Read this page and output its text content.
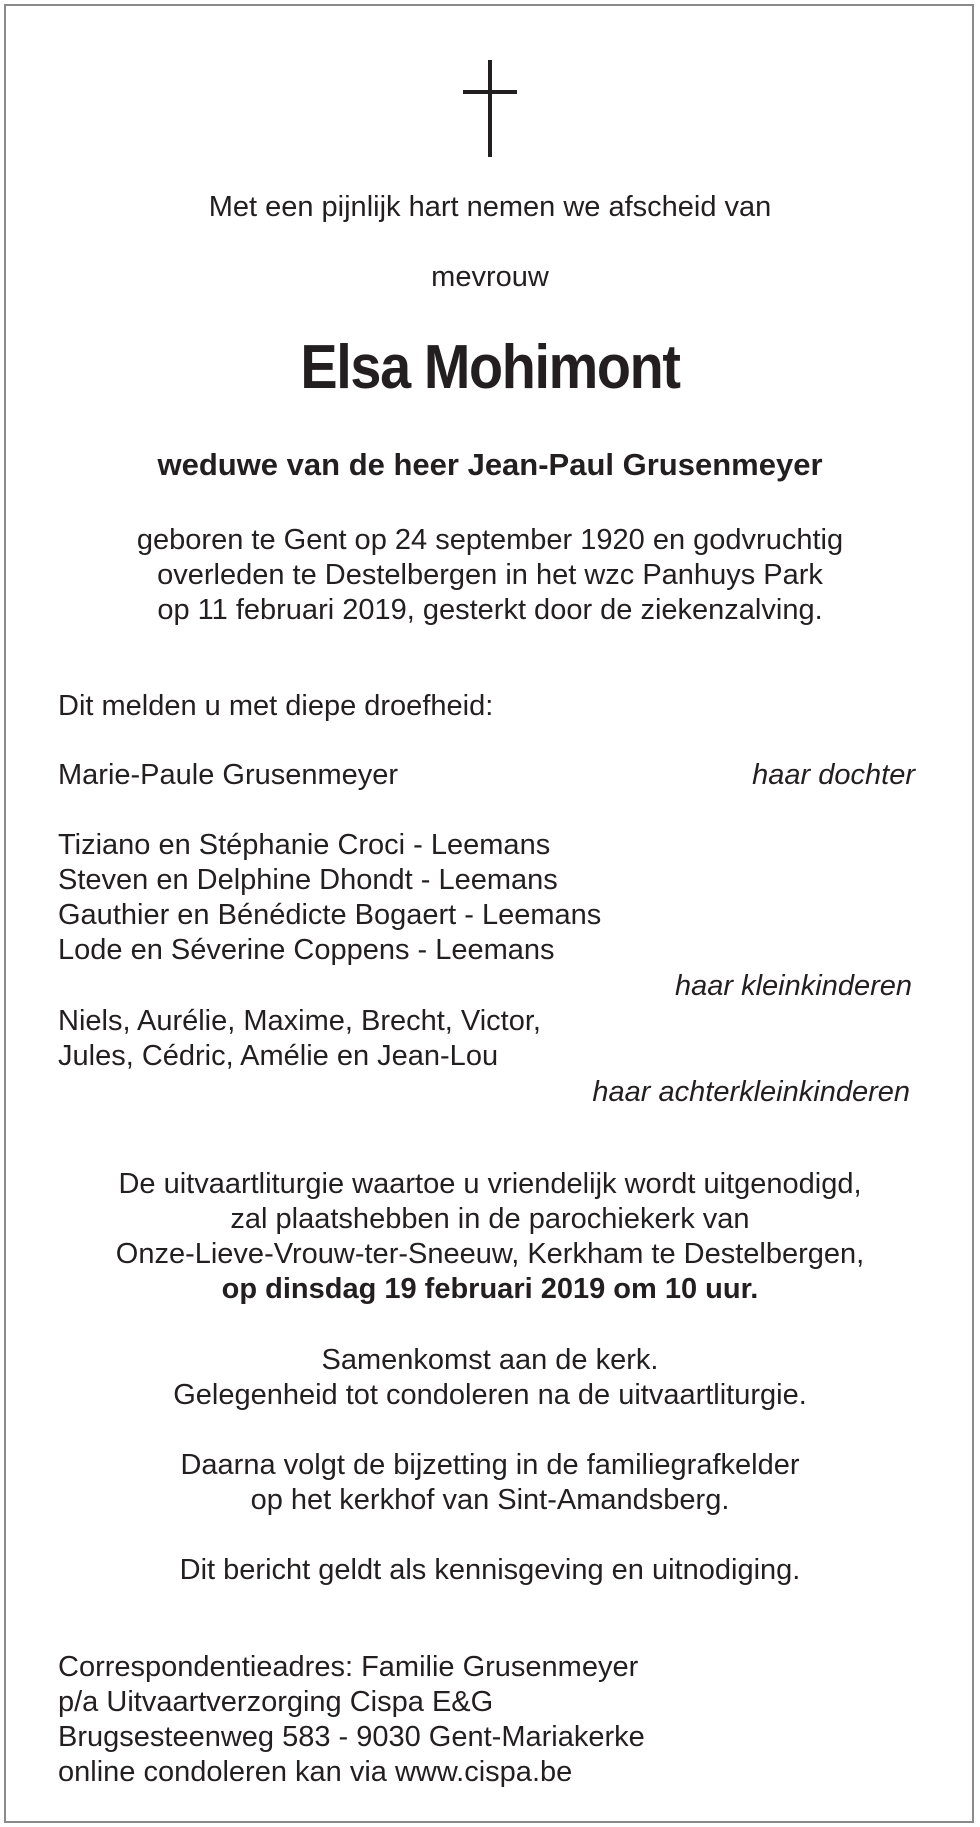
Met een pijnlijk hart nemen we afscheid van
mevrouw
Elsa Mohimont
weduwe van de heer Jean-Paul Grusenmeyer
geboren te Gent op 24 september 1920 en godvruchtig
overleden te Destelbergen in het wzc Panhuys Park
op 11 februari 2019, gesterkt door de ziekenzalving.
Dit melden u met diepe droefheid:
Marie-Paule Grusenmeyer	haar dochter
Tiziano en Stéphanie Croci - Leemans
Steven en Delphine Dhondt - Leemans
Gauthier en Bénédicte Bogaert - Leemans
Lode en Séverine Coppens - Leemans
haar kleinkinderen
Niels, Aurélie, Maxime, Brecht, Victor,
Jules, Cédric, Amélie en Jean-Lou
haar achterkleinkinderen
De uitvaartliturgie waartoe u vriendelijk wordt uitgenodigd,
zal plaatshebben in de parochiekerk van
Onze-Lieve-Vrouw-ter-Sneeuw, Kerkham te Destelbergen,
op dinsdag 19 februari 2019 om 10 uur.
Samenkomst aan de kerk.
Gelegenheid tot condoleren na de uitvaartliturgie.
Daarna volgt de bijzetting in de familiegrafkelder
op het kerkhof van Sint-Amandsberg.
Dit bericht geldt als kennisgeving en uitnodiging.
Correspondentieadres: Familie Grusenmeyer
p/a Uitvaartverzorging Cispa E&G
Brugsesteenweg 583 - 9030 Gent-Mariakerke
online condoleren kan via www.cispa.be
